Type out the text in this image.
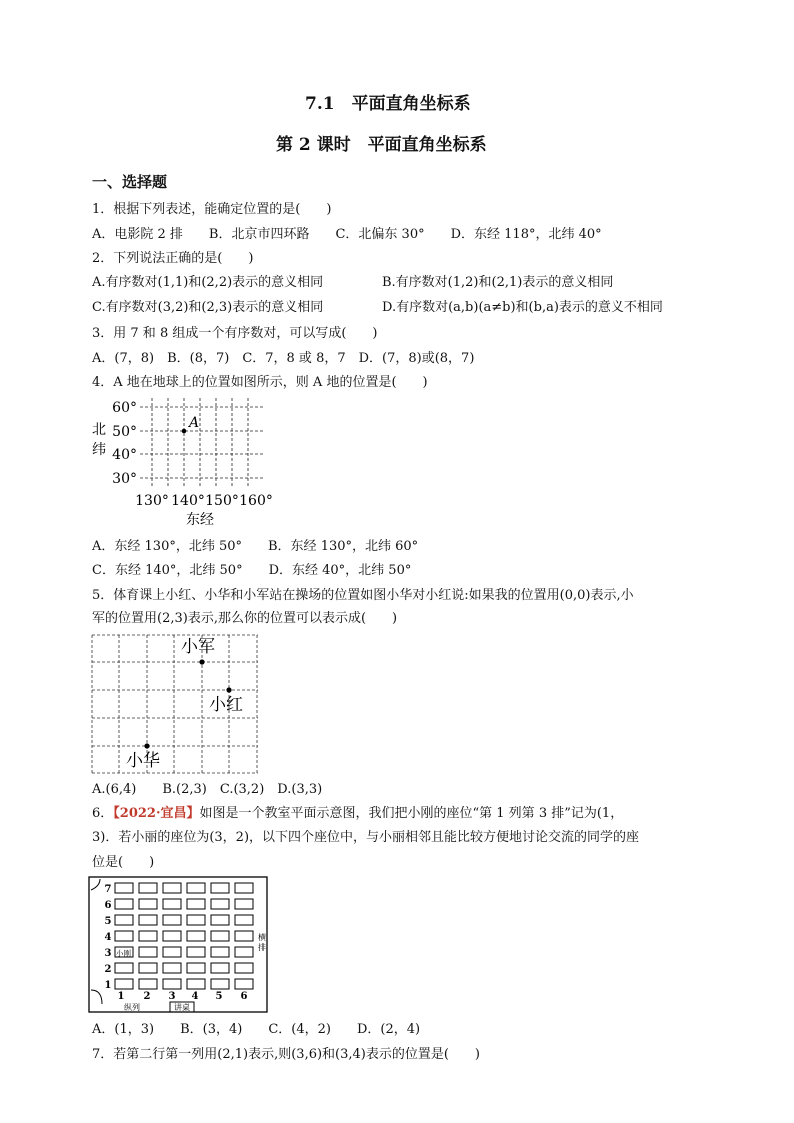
7.1　平面直角坐标系
第 2 课时　平面直角坐标系
一、选择题
1．根据下列表述，能确定位置的是(　　)
A．电影院 2 排　　B．北京市四环路　　C．北偏东 30°　　D．东经 118°，北纬 40°
2．下列说法正确的是(　　)
A.有序数对(1,1)和(2,2)表示的意义相同	B.有序数对(1,2)和(2,1)表示的意义相同
C.有序数对(3,2)和(2,3)表示的意义相同	D.有序数对(a,b)(a≠b)和(b,a)表示的意义不相同
3．用 7 和 8 组成一个有序数对，可以写成(　　)
A．(7，8)　B．(8，7)　C．7，8 或 8，7　D．(7，8)或(8，7)
4．A 地在地球上的位置如图所示，则 A 地的位置是(　　)
A
60°
50°
40°
30°
北
纬
130° 140° 150° 160°
东经
A．东经 130°，北纬 50°　　B．东经 130°，北纬 60°
C．东经 140°，北纬 50°　　D．东经 40°，北纬 50°
5．体育课上小红、小华和小军站在操场的位置如图小华对小红说:如果我的位置用(0,0)表示,小
军的位置用(2,3)表示,那么你的位置可以表示成(　　)
小军
小红
小华
A.(6,4)　　B.(2,3)　C.(3,2)　D.(3,3)
6．【2022·宜昌】如图是一个教室平面示意图，我们把小刚的座位“第 1 列第 3 排”记为(1，
3)．若小丽的座位为(3，2)，以下四个座位中，与小丽相邻且能比较方便地讨论交流的同学的座
位是(　　)
小刚
7
6
5
4
3
2
1
1 2 3 4 5 6
横
排
纵列	讲桌
A．(1，3)　　B．(3，4)　　C．(4，2)　　D．(2，4)
7．若第二行第一列用(2,1)表示,则(3,6)和(3,4)表示的位置是(　　)
